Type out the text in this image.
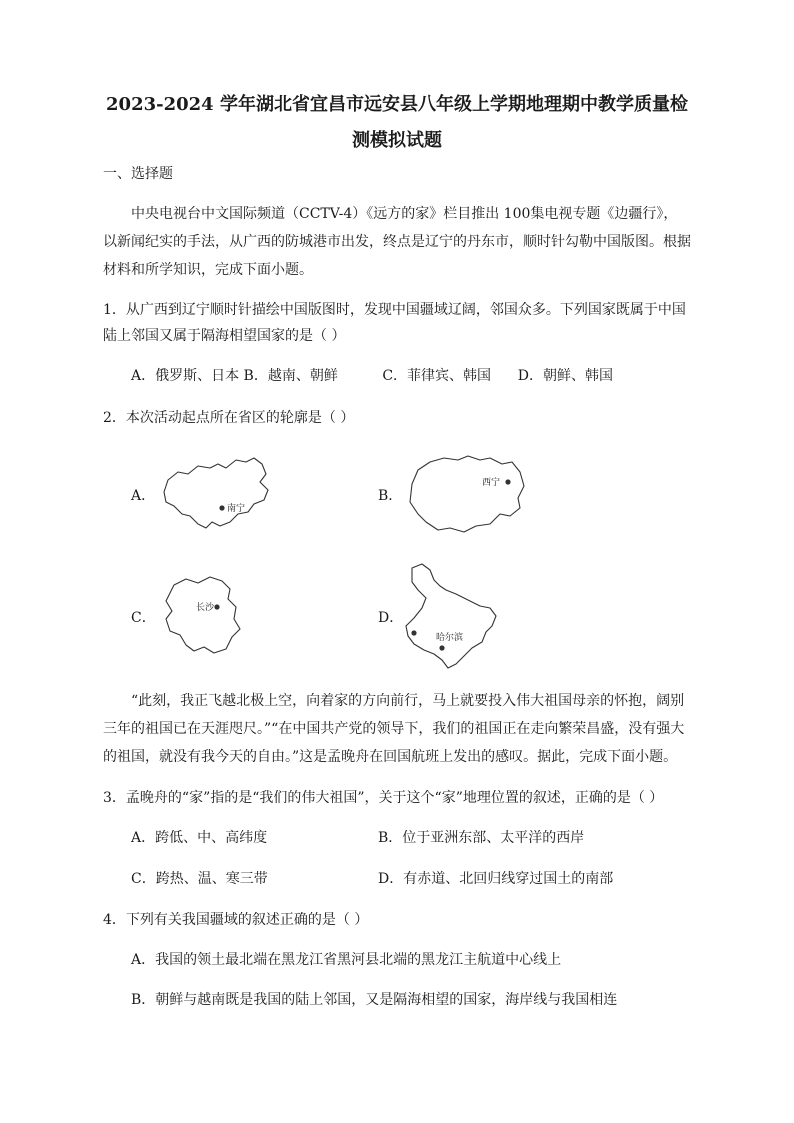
2023-2024 学年湖北省宜昌市远安县八年级上学期地理期中教学质量检
测模拟试题
一、选择题
中央电视台中文国际频道（CCTV-4）《远方的家》栏目推出 100集电视专题《边疆行》，
以新闻纪实的手法，从广西的防城港市出发，终点是辽宁的丹东市，顺时针勾勒中国版图。根据
材料和所学知识，完成下面小题。
1．从广西到辽宁顺时针描绘中国版图时，发现中国疆域辽阔，邻国众多。下列国家既属于中国
陆上邻国又属于隔海相望国家的是（ ）
A．俄罗斯、日本 B．越南、朝鲜          C．菲律宾、韩国      D．朝鲜、韩国
2．本次活动起点所在省区的轮廓是（ ）
A．
南宁
B．
西宁
C．
长沙
D．
哈尔滨
“此刻，我正飞越北极上空，向着家的方向前行，马上就要投入伟大祖国母亲的怀抱，阔别
三年的祖国已在天涯咫尺。”“在中国共产党的领导下，我们的祖国正在走向繁荣昌盛，没有强大
的祖国，就没有我今天的自由。”这是孟晚舟在回国航班上发出的感叹。据此，完成下面小题。
3．孟晚舟的“家”指的是“我们的伟大祖国”，关于这个“家”地理位置的叙述，正确的是（ ）
A．跨低、中、高纬度	B．位于亚洲东部、太平洋的西岸
C．跨热、温、寒三带	D．有赤道、北回归线穿过国土的南部
4．下列有关我国疆域的叙述正确的是（ ）
A．我国的领土最北端在黑龙江省黑河县北端的黑龙江主航道中心线上
B．朝鲜与越南既是我国的陆上邻国，又是隔海相望的国家，海岸线与我国相连
